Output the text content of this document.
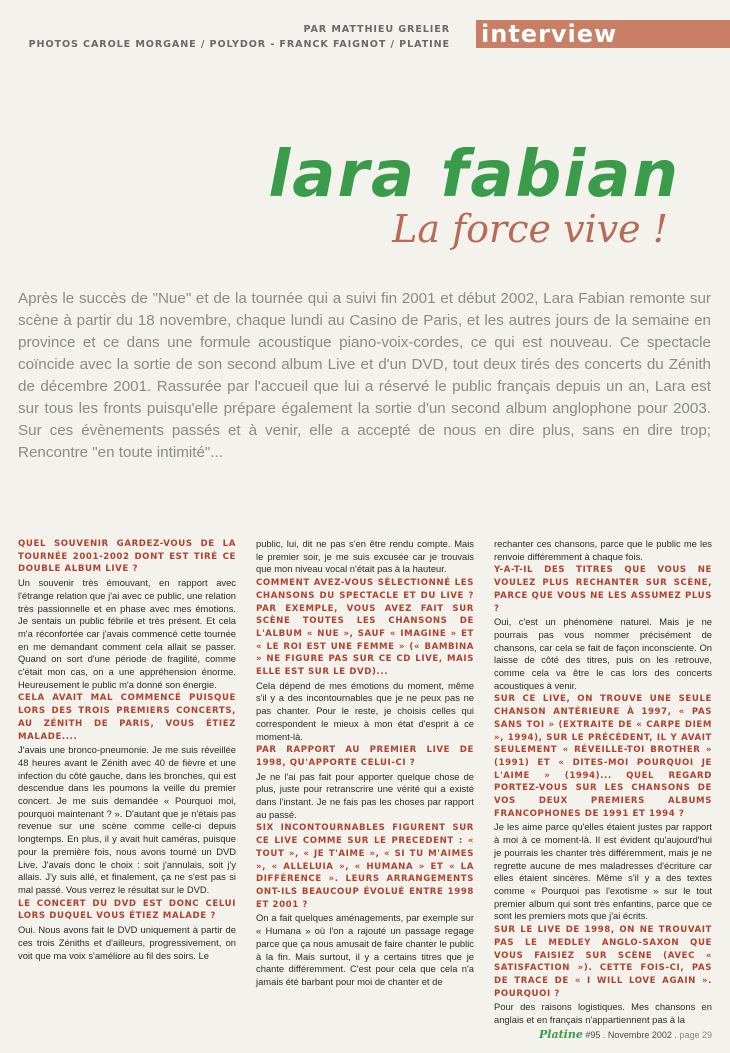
PAR MATTHIEU GRELIER
PHOTOS CAROLE MORGANE / POLYDOR - FRANCK FAIGNOT / PLATINE interview
lara fabian
La force vive !

Après le succès de "Nue" et de la tournée qui a suivi fin 2001 et début 2002, Lara Fabian remonte sur scène à partir du 18 novembre, chaque lundi au Casino de Paris, et les autres jours de la semaine en province et ce dans une formule acoustique piano-voix-cordes, ce qui est nouveau. Ce spectacle coïncide avec la sortie de son second album Live et d'un DVD, tout deux tirés des concerts du Zénith de décembre 2001. Rassurée par l'accueil que lui a réservé le public français depuis un an, Lara est sur tous les fronts puisqu'elle prépare également la sortie d'un second album anglophone pour 2003. Sur ces évènements passés et à venir, elle a accepté de nous en dire plus, sans en dire trop; Rencontre "en toute intimité"...

QUEL SOUVENIR GARDEZ-VOUS DE LA TOURNÉE 2001-2002 DONT EST TIRÉ CE DOUBLE ALBUM LIVE ?

Un souvenir très émouvant, en rapport avec l'étrange relation que j'ai avec ce public, une relation très passionnelle et en phase avec mes émotions. Je sentais un public fébrile et très présent. Et cela m'a réconfortée car j'avais commencé cette tournée en me demandant comment cela allait se passer. Quand on sort d'une période de fragilité, comme c'était mon cas, on a une appréhension énorme. Heureusement le public m'a donné son énergie.

CELA AVAIT MAL COMMENCÉ PUISQUE LORS DES TROIS PREMIERS CONCERTS, AU ZÉNITH DE PARIS, VOUS ÉTIEZ MALADE....

J'avais une bronco-pneumonie. Je me suis réveillée 48 heures avant le Zénith avec 40 de fièvre et une infection du côté gauche, dans les bronches, qui est descendue dans les poumons la veille du premier concert. Je me suis demandée « Pourquoi moi, pourquoi maintenant ? ». D'autant que je n'étais pas revenue sur une scène comme celle-ci depuis longtemps. En plus, il y avait huit caméras, puisque pour la première fois, nous avons tourné un DVD Live. J'avais donc le choix : soit j'annulais, soit j'y allais. J'y suis allé, et finalement, ça ne s'est pas si mal passé. Vous verrez le résultat sur le DVD.

LE CONCERT DU DVD EST DONC CELUI LORS DUQUEL VOUS ÉTIEZ MALADE ?

Oui. Nous avons fait le DVD uniquement à partir de ces trois Zéniths et d'ailleurs, progressivement, on voit que ma voix s'améliore au fil des soirs. Le

public, lui, dit ne pas s'en être rendu compte. Mais le premier soir, je me suis excusée car je trouvais que mon niveau vocal n'était pas à la hauteur.

COMMENT AVEZ-VOUS SÉLECTIONNÉ LES CHANSONS DU SPECTACLE ET DU LIVE ? PAR EXEMPLE, VOUS AVEZ FAIT SUR SCÈNE TOUTES LES CHANSONS DE L'ALBUM « NUE », SAUF « IMAGINE » ET « LE ROI EST UNE FEMME » (« BAMBINA » NE FIGURE PAS SUR CE CD LIVE, MAIS ELLE EST SUR LE DVD)...

Cela dépend de mes émotions du moment, même s'il y a des incontournables que je ne peux pas ne pas chanter. Pour le reste, je choisis celles qui correspondent le mieux à mon état d'esprit à ce moment-là.

PAR RAPPORT AU PREMIER LIVE DE 1998, QU'APPORTE CELUI-CI ?

Je ne l'ai pas fait pour apporter quelque chose de plus, juste pour retranscrire une vérité qui a existé dans l'instant. Je ne fais pas les choses par rapport au passé.

SIX INCONTOURNABLES FIGURENT SUR CE LIVE COMME SUR LE PRECEDENT : « TOUT », « JE T'AIME », « SI TU M'AIMES », « ALLELUIA », « HUMANA » ET « LA DIFFÉRENCE ». LEURS ARRANGEMENTS ONT-ILS BEAUCOUP ÉVOLUÉ ENTRE 1998 ET 2001 ?

On a fait quelques aménagements, par exemple sur « Humana » où l'on a rajouté un passage regage parce que ça nous amusait de faire chanter le public à la fin. Mais surtout, il y a certains titres que je chante différemment. C'est pour cela que cela n'a jamais été barbant pour moi de chanter et de

rechanter ces chansons, parce que le public me les renvoie différemment à chaque fois.

Y-A-T-IL DES TITRES QUE VOUS NE VOULEZ PLUS RECHANTER SUR SCÈNE, PARCE QUE VOUS NE LES ASSUMEZ PLUS ?

Oui, c'est un phénomène naturel. Mais je ne pourrais pas vous nommer précisément de chansons, car cela se fait de façon inconsciente. On laisse de côté des titres, puis on les retrouve, comme cela va être le cas lors des concerts acoustiques à venir.

SUR CE LIVE, ON TROUVE UNE SEULE CHANSON ANTÉRIEURE À 1997, « PAS SANS TOI » (EXTRAITE DE « CARPE DIEM », 1994), SUR LE PRÉCÉDENT, IL Y AVAIT SEULEMENT « RÉVEILLE-TOI BROTHER » (1991) ET « DITES-MOI POURQUOI JE L'AIME » (1994)... QUEL REGARD PORTEZ-VOUS SUR LES CHANSONS DE VOS DEUX PREMIERS ALBUMS FRANCOPHONES DE 1991 ET 1994 ?

Je les aime parce qu'elles étaient justes par rapport à moi à ce moment-là. Il est évident qu'aujourd'hui je pourrais les chanter très différemment, mais je ne regrette aucune de mes maladresses d'écriture car elles étaient sincères. Même s'il y a des textes comme « Pourquoi pas l'exotisme » sur le tout premier album qui sont très enfantins, parce que ce sont les premiers mots que j'ai écrits.

SUR LE LIVE DE 1998, ON NE TROUVAIT PAS LE MEDLEY ANGLO-SAXON QUE VOUS FAISIEZ SUR SCÈNE (AVEC « SATISFACTION »). CETTE FOIS-CI, PAS DE TRACE DE « I WILL LOVE AGAIN ». POURQUOI ?

Pour des raisons logistiques. Mes chansons en anglais et en français n'appartiennent pas à la

Platine #95 . Novembre 2002 . page 29
